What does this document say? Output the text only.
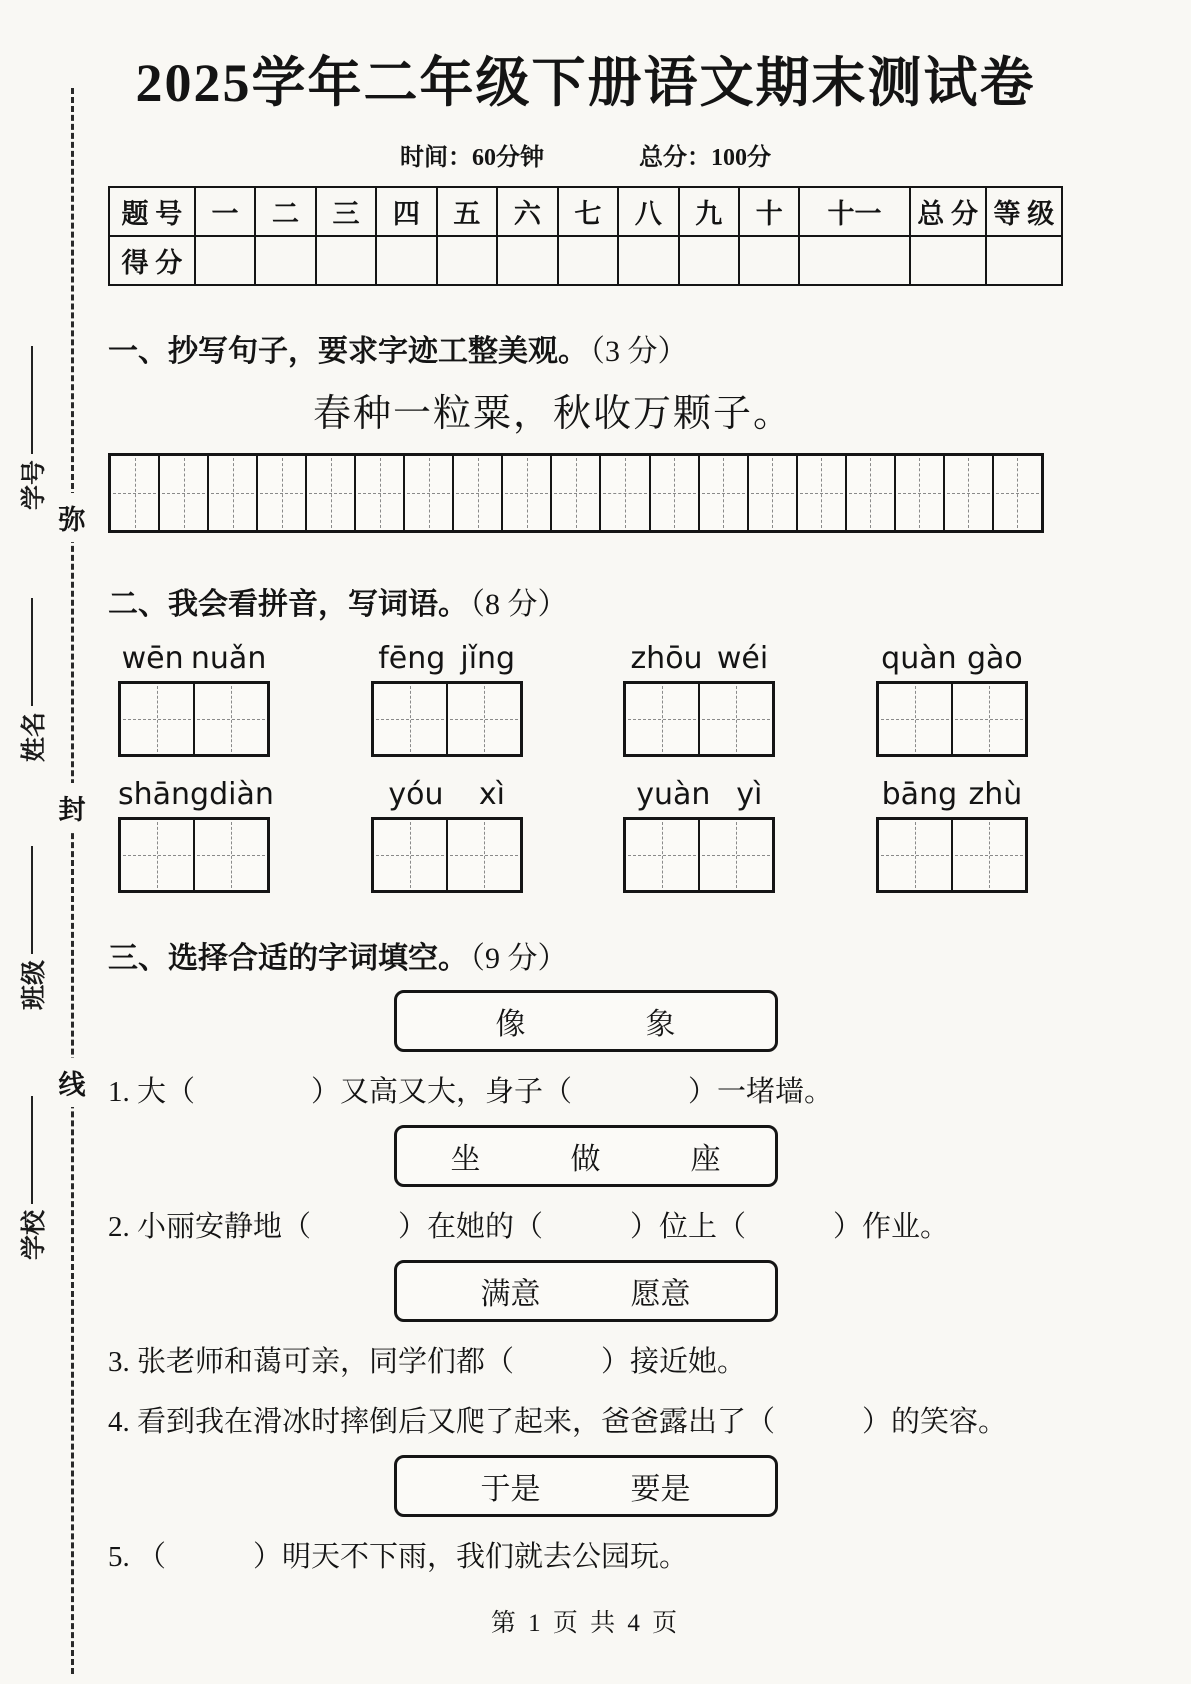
学号
姓名
班级
学校
弥
封
线
2025学年二年级下册语文期末测试卷
时间：60分钟	总分：100分
题 号	一	二	三	四	五	六	七	八	九	十	十一	总 分	等 级
得 分													
一、抄写句子，要求字迹工整美观。（3 分）

春种一粒粟，秋收万颗子。

二、我会看拼音，写词语。（8 分）
wēn nuǎn	fēng jǐng	zhōu wéi	quàn gào
shāng diàn	yóu xì	yuàn yì	bāng zhù
三、选择合适的字词填空。（9 分）
像　　　　象

1. 大（　　　　）又高又大，身子（　　　　）一堵墙。

坐　　　做　　　座

2. 小丽安静地（　　　）在她的（　　　）位上（　　　）作业。

满意　　　愿意

3. 张老师和蔼可亲，同学们都（　　　）接近她。

4. 看到我在滑冰时摔倒后又爬了起来，爸爸露出了（　　　）的笑容。

于是　　　要是

5. （　　　）明天不下雨，我们就去公园玩。

第 1 页 共 4 页
